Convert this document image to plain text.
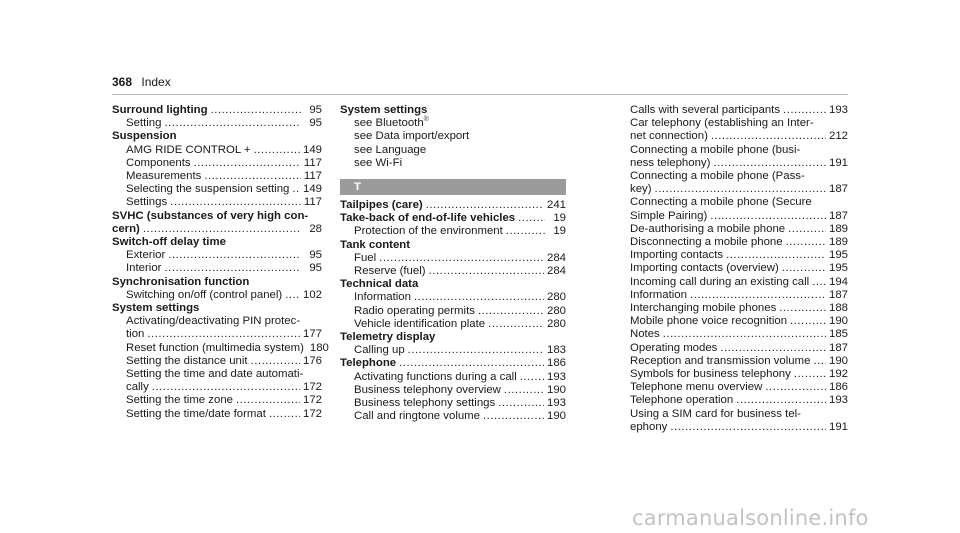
368 Index
Surround lighting .....	95
Setting .....	95
Suspension
AMG RIDE CONTROL + .....	149
Components .....	117
Measurements .....	117
Selecting the suspension setting ..... 149
Settings .....	117
SVHC (substances of very high con-
cern) .....	28
Switch-off delay time
Exterior .....	95
Interior .....	95
Synchronisation function
Switching on/off (control panel) ..... 102
System settings
Activating/deactivating PIN protec-
tion .....	177
Reset function (multimedia system) 180
Setting the distance unit .....	176
Setting the time and date automati-
cally .....	172
Setting the time zone .....	172
Setting the time/date format .....	172
System settings
see Bluetooth®
see Data import/export
see Language
see Wi-Fi
T
Tailpipes (care) .....	241
Take-back of end-of-life vehicles .....	19
Protection of the environment .....	19
Tank content
Fuel .....	284
Reserve (fuel) .....	284
Technical data
Information .....	280
Radio operating permits .....	280
Vehicle identification plate .....	280
Telemetry display
Calling up .....	183
Telephone .....	186
Activating functions during a call .....	193
Business telephony overview .....	190
Business telephony settings .....	193
Call and ringtone volume .....	190
Calls with several participants .....	193
Car telephony (establishing an Inter-
net connection) .....	212
Connecting a mobile phone (busi-
ness telephony) .....	191
Connecting a mobile phone (Pass-
key) .....	187
Connecting a mobile phone (Secure
Simple Pairing) .....	187
De-authorising a mobile phone .....	189
Disconnecting a mobile phone .....	189
Importing contacts .....	195
Importing contacts (overview) .....	195
Incoming call during an existing call ..... 194
Information .....	187
Interchanging mobile phones .....	188
Mobile phone voice recognition .....	190
Notes .....	185
Operating modes .....	187
Reception and transmission volume ..... 190
Symbols for business telephony .....	192
Telephone menu overview .....	186
Telephone operation .....	193
Using a SIM card for business tel-
ephony .....	191
carmanualsonline.info
